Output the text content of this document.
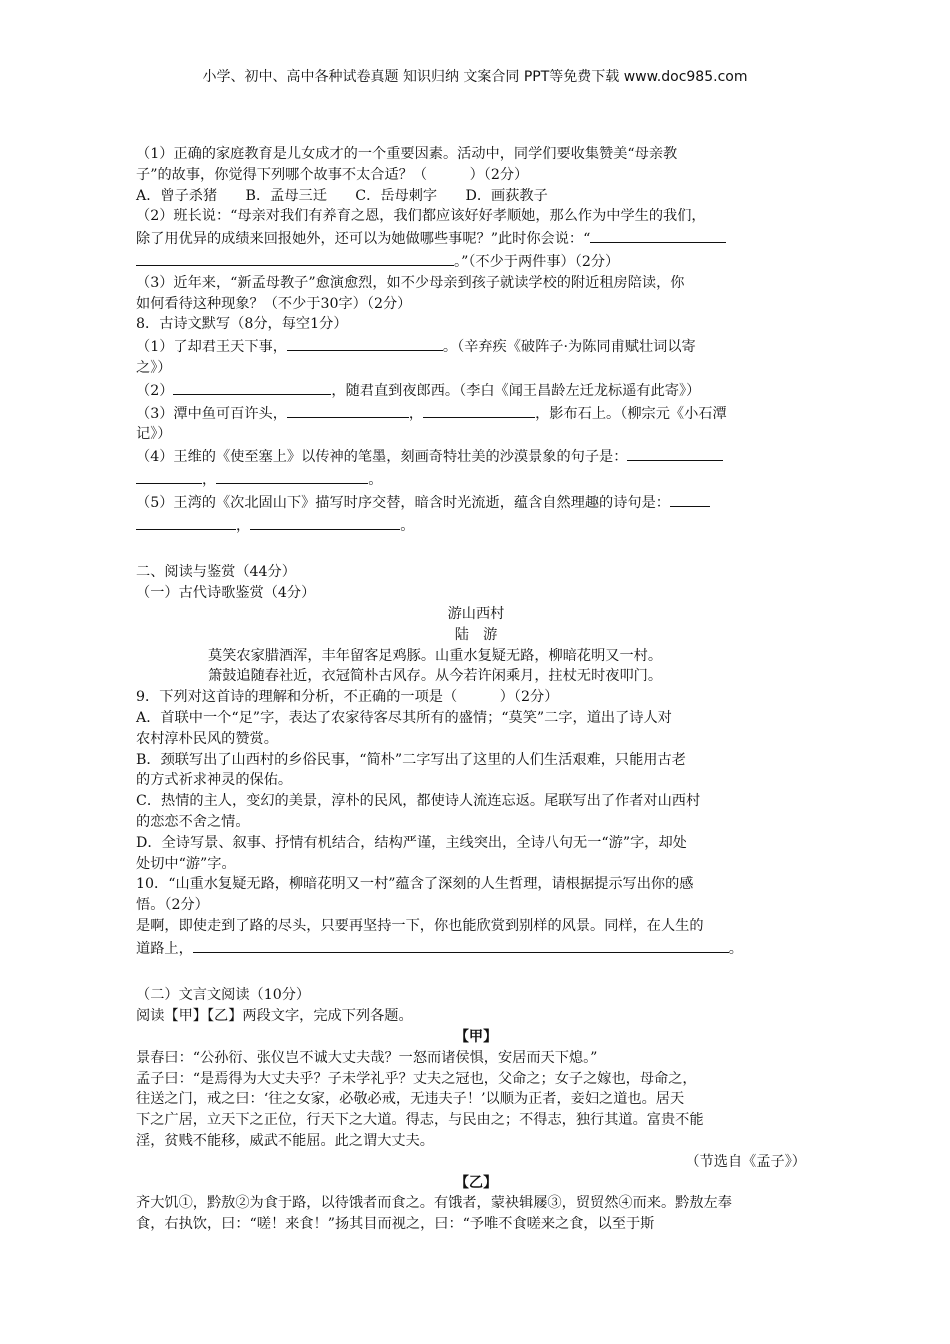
小学、初中、高中各种试卷真题 知识归纳 文案合同 PPT等免费下载 www.doc985.com

（1）正确的家庭教育是儿女成才的一个重要因素。活动中，同学们要收集赞美“母亲教

子”的故事，你觉得下列哪个故事不太合适？（　　　）（2分）

A．曾子杀猪　　B．孟母三迁　　C．岳母刺字　　D．画荻教子

（2）班长说：“母亲对我们有养育之恩，我们都应该好好孝顺她，那么作为中学生的我们，

除了用优异的成绩来回报她外，还可以为她做哪些事呢？”此时你会说：“

。”（不少于两件事）（2分）

（3）近年来，“新孟母教子”愈演愈烈，如不少母亲到孩子就读学校的附近租房陪读，你

如何看待这种现象？（不少于30字）（2分）

8．古诗文默写（8分，每空1分）

（1）了却君王天下事，	。（辛弃疾《破阵子·为陈同甫赋壮词以寄

之》）

（2）	，随君直到夜郎西。（李白《闻王昌龄左迁龙标遥有此寄》）

（3）潭中鱼可百许头，	，	，影布石上。（柳宗元《小石潭

记》）

（4）王维的《使至塞上》以传神的笔墨，刻画奇特壮美的沙漠景象的句子是：

，	。

（5）王湾的《次北固山下》描写时序交替，暗含时光流逝，蕴含自然理趣的诗句是：

，	。

二、阅读与鉴赏（44分）

（一）古代诗歌鉴赏（4分）

游山西村

陆　游

莫笑农家腊酒浑，丰年留客足鸡豚。山重水复疑无路，柳暗花明又一村。

箫鼓追随春社近，衣冠简朴古风存。从今若许闲乘月，拄杖无时夜叩门。

9．下列对这首诗的理解和分析，不正确的一项是（　　　）（2分）

A．首联中一个“足”字，表达了农家待客尽其所有的盛情；“莫笑”二字，道出了诗人对

农村淳朴民风的赞赏。

B．颈联写出了山西村的乡俗民事，“简朴”二字写出了这里的人们生活艰难，只能用古老

的方式祈求神灵的保佑。

C．热情的主人，变幻的美景，淳朴的民风，都使诗人流连忘返。尾联写出了作者对山西村

的恋恋不舍之情。

D．全诗写景、叙事、抒情有机结合，结构严谨，主线突出，全诗八句无一“游”字，却处

处切中“游”字。

10．“山重水复疑无路，柳暗花明又一村”蕴含了深刻的人生哲理，请根据提示写出你的感

悟。（2分）

是啊，即使走到了路的尽头，只要再坚持一下，你也能欣赏到别样的风景。同样，在人生的

道路上，	。

（二）文言文阅读（10分）

阅读【甲】【乙】两段文字，完成下列各题。

【甲】

景春曰：“公孙衍、张仪岂不诚大丈夫哉？一怒而诸侯惧，安居而天下熄。”

孟子曰：“是焉得为大丈夫乎？子未学礼乎？丈夫之冠也，父命之；女子之嫁也，母命之，

往送之门，戒之曰：‘往之女家，必敬必戒，无违夫子！’以顺为正者，妾妇之道也。居天

下之广居，立天下之正位，行天下之大道。得志，与民由之；不得志，独行其道。富贵不能

淫，贫贱不能移，威武不能屈。此之谓大丈夫。

（节选自《孟子》）

【乙】

齐大饥①，黔敖②为食于路，以待饿者而食之。有饿者，蒙袂辑屦③，贸贸然④而来。黔敖左奉

食，右执饮，曰：“嗟！来食！”扬其目而视之，曰：“予唯不食嗟来之食，以至于斯
